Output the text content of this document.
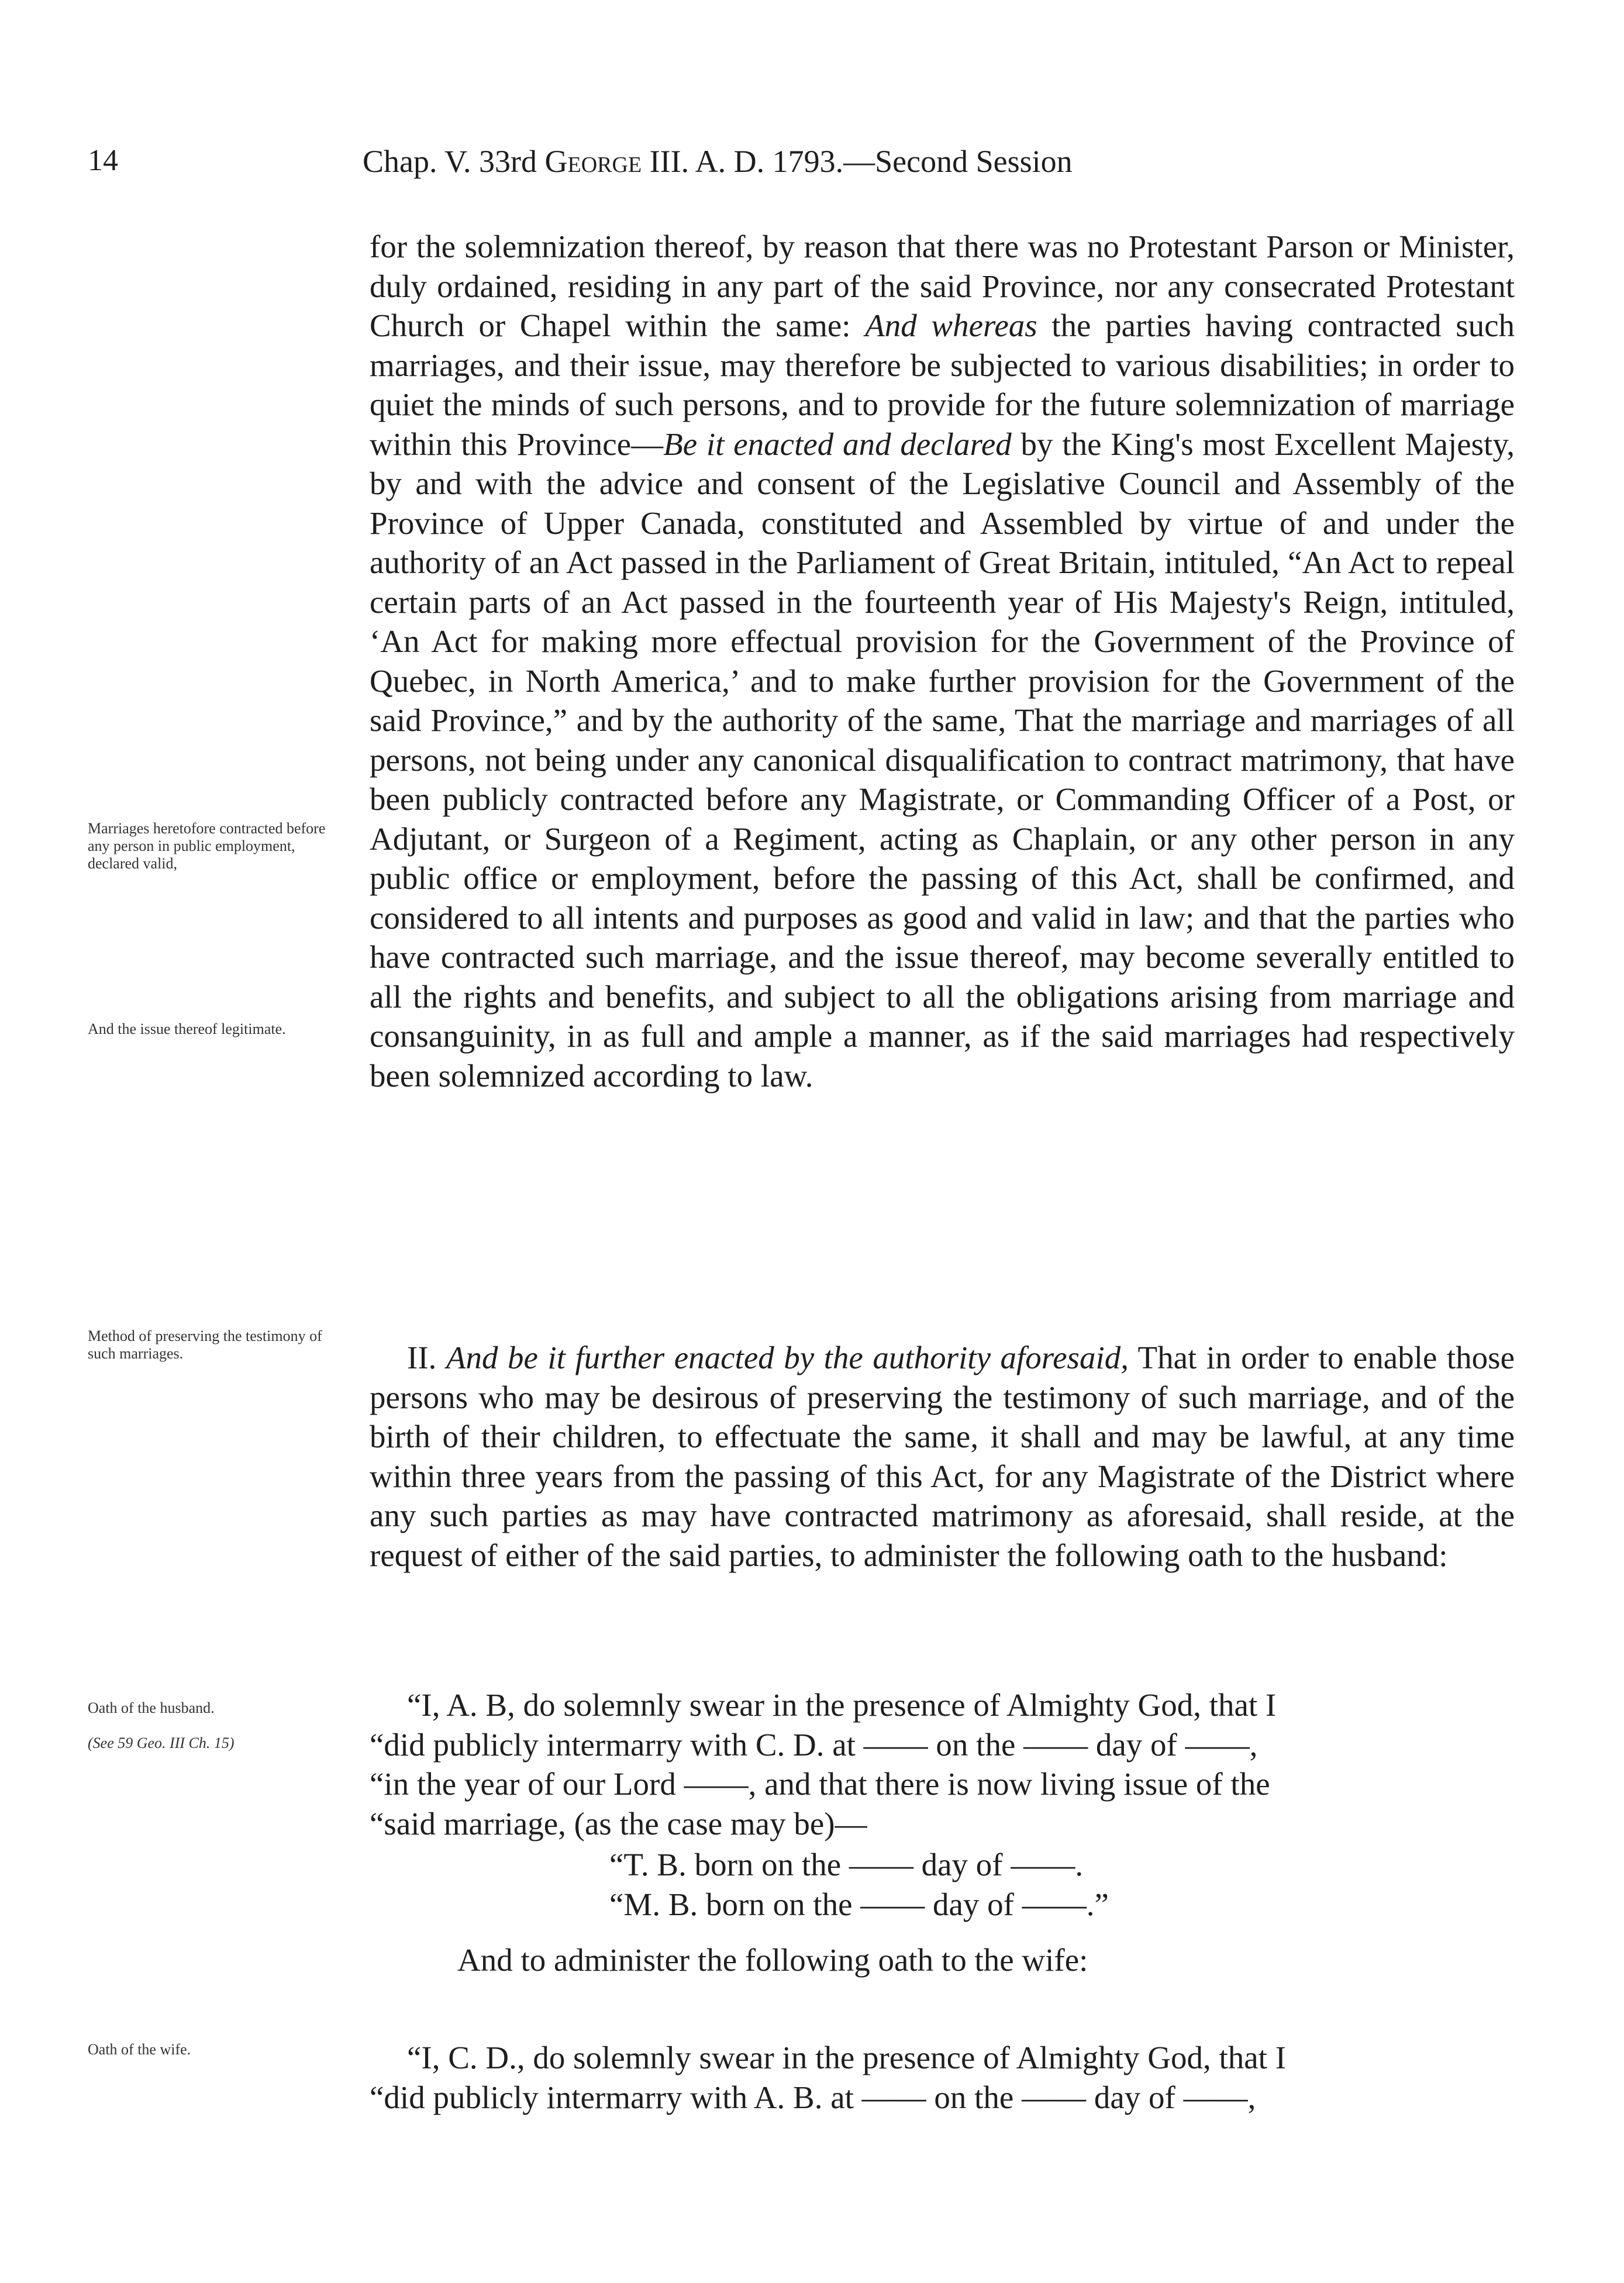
14	Chap. V. 33rd George III. A. D. 1793.—Second Session
for the solemnization thereof, by reason that there was no Protestant Parson or Minister, duly ordained, residing in any part of the said Province, nor any consecrated Protestant Church or Chapel within the same: And whereas the parties having contracted such marriages, and their issue, may therefore be subjected to various disabilities; in order to quiet the minds of such persons, and to provide for the future solemnization of marriage within this Province—Be it enacted and declared by the King's most Excellent Majesty, by and with the advice and consent of the Legislative Council and Assembly of the Province of Upper Canada, constituted and Assembled by virtue of and under the authority of an Act passed in the Parliament of Great Britain, intituled, “An Act to repeal certain parts of an Act passed in the fourteenth year of His Majesty's Reign, intituled, ‘An Act for making more effectual provision for the Government of the Province of Quebec, in North America,’ and to make further provision for the Government of the said Province,” and by the authority of the same, That the marriage and marriages of all persons, not being under any canonical disqualification to contract matrimony, that have been publicly contracted before any Magistrate, or Commanding Officer of a Post, or Adjutant, or Surgeon of a Regiment, acting as Chaplain, or any other person in any public office or employment, before the passing of this Act, shall be confirmed, and considered to all intents and purposes as good and valid in law; and that the parties who have contracted such marriage, and the issue thereof, may become severally entitled to all the rights and benefits, and subject to all the obligations arising from marriage and consanguinity, in as full and ample a manner, as if the said marriages had respectively been solemnized according to law.
Marriages heretofore contracted before any person in public employment, declared valid,
And the issue thereof legitimate.
II. And be it further enacted by the authority aforesaid, That in order to enable those persons who may be desirous of preserving the testimony of such marriage, and of the birth of their children, to effectuate the same, it shall and may be lawful, at any time within three years from the passing of this Act, for any Magistrate of the District where any such parties as may have contracted matrimony as aforesaid, shall reside, at the request of either of the said parties, to administer the following oath to the husband:
Method of preserving the testimony of such marriages.
“I, A. B, do solemnly swear in the presence of Almighty God, that I
“did publicly intermarry with C. D. at —— on the —— day of ——,
“in the year of our Lord ——, and that there is now living issue of the
“said marriage, (as the case may be)—
Oath of the husband.
(See 59 Geo. III Ch. 15)
“T. B. born on the —— day of ——.
“M. B. born on the —— day of ——.”
And to administer the following oath to the wife:
“I, C. D., do solemnly swear in the presence of Almighty God, that I
“did publicly intermarry with A. B. at —— on the —— day of ——,
Oath of the wife.
